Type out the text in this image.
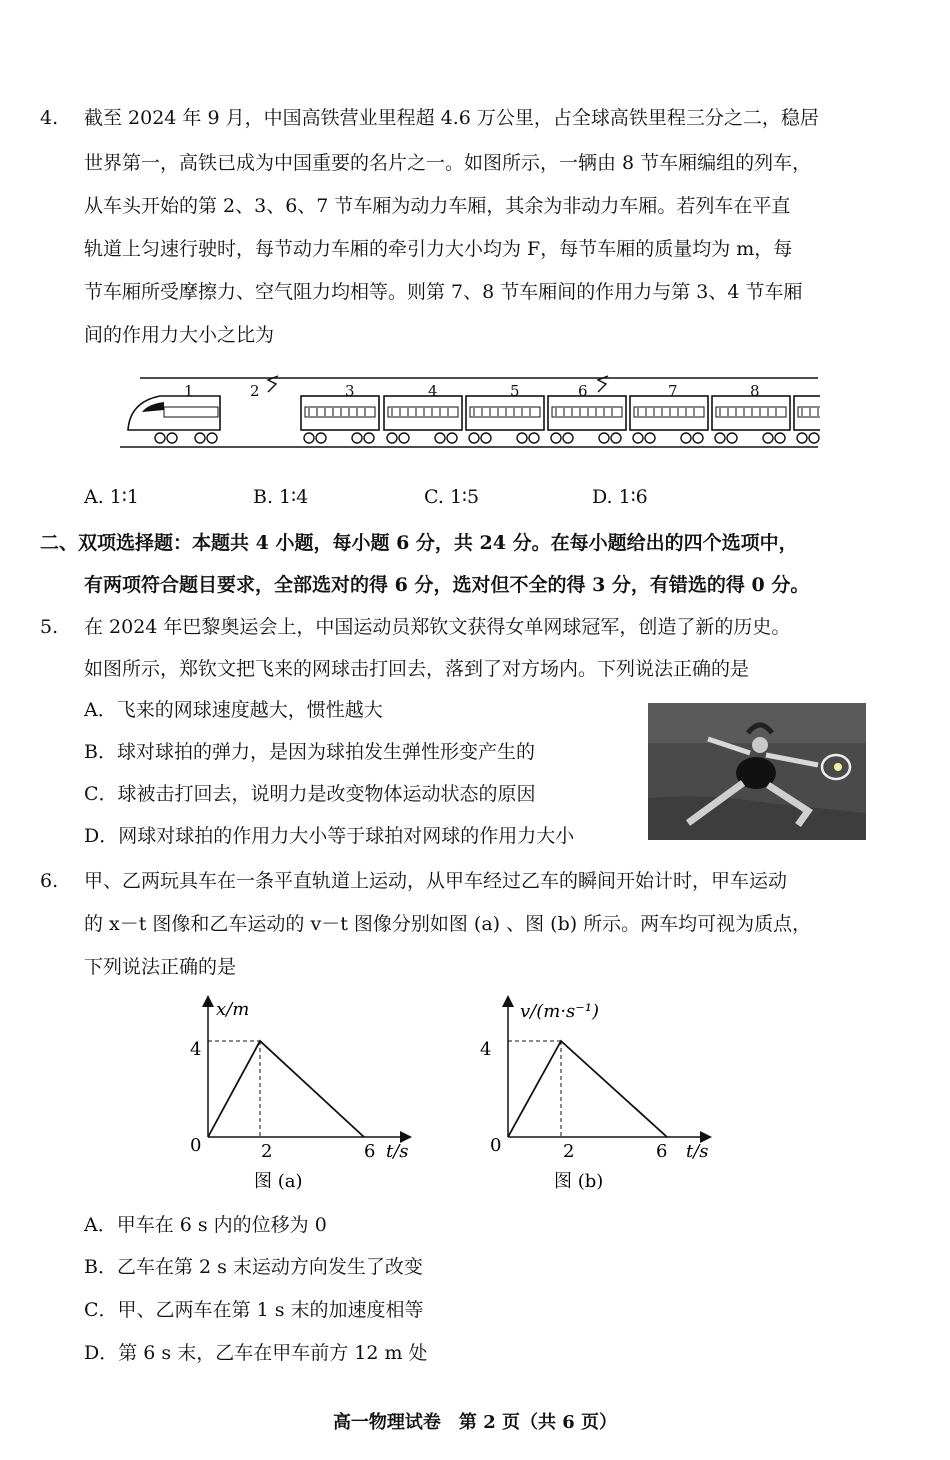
4. 截至 2024 年 9 月，中国高铁营业里程超 4.6 万公里，占全球高铁里程三分之二，稳居
世界第一，高铁已成为中国重要的名片之一。如图所示，一辆由 8 节车厢编组的列车，
从车头开始的第 2、3、6、7 节车厢为动力车厢，其余为非动力车厢。若列车在平直
轨道上匀速行驶时，每节动力车厢的牵引力大小均为 F，每节车厢的质量均为 m，每
节车厢所受摩擦力、空气阻力均相等。则第 7、8 节车厢间的作用力与第 3、4 节车厢
间的作用力大小之比为
1	2	3	4	5	6	7	8
A. 1∶1	B. 1∶4	C. 1∶5	D. 1∶6
二、双项选择题：本题共 4 小题，每小题 6 分，共 24 分。在每小题给出的四个选项中，
有两项符合题目要求，全部选对的得 6 分，选对但不全的得 3 分，有错选的得 0 分。
5. 在 2024 年巴黎奥运会上，中国运动员郑钦文获得女单网球冠军，创造了新的历史。
如图所示，郑钦文把飞来的网球击打回去，落到了对方场内。下列说法正确的是
A．飞来的网球速度越大，惯性越大
B．球对球拍的弹力，是因为球拍发生弹性形变产生的
C．球被击打回去，说明力是改变物体运动状态的原因
D．网球对球拍的作用力大小等于球拍对网球的作用力大小
6. 甲、乙两玩具车在一条平直轨道上运动，从甲车经过乙车的瞬间开始计时，甲车运动
的 x－t 图像和乙车运动的 v－t 图像分别如图 (a) 、图 (b) 所示。两车均可视为质点，
下列说法正确的是
x/m
4
0	2	6 t/s
图 (a)
v/(m·s⁻¹)
4
0	2	6 t/s
图 (b)
A．甲车在 6 s 内的位移为 0
B．乙车在第 2 s 末运动方向发生了改变
C．甲、乙两车在第 1 s 末的加速度相等
D．第 6 s 末，乙车在甲车前方 12 m 处
高一物理试卷　第 2 页（共 6 页）
